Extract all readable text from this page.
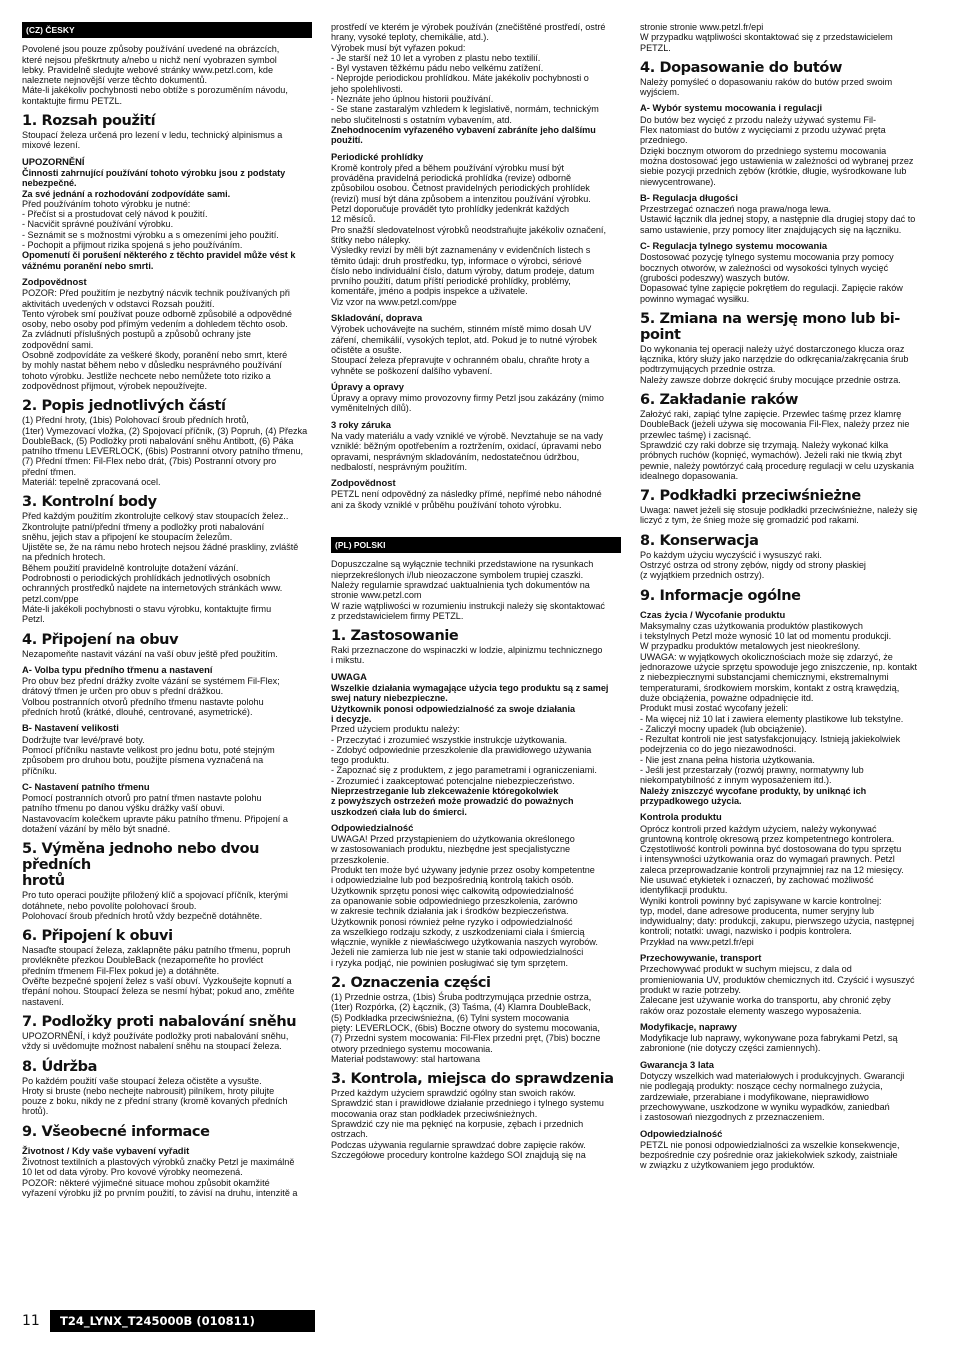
(CZ) ČESKY
Povolené jsou pouze způsoby používání uvedené na obrázcích,
které nejsou přeškrtnuty a/nebo u nichž není vyobrazen symbol
lebky. Pravidelně sledujte webové stránky www.petzl.com, kde
naleznete nejnovější verze těchto dokumentů.
Máte-li jakékoliv pochybnosti nebo obtíže s porozuměním návodu,
kontaktujte firmu PETZL.
1. Rozsah použití
Stoupací železa určená pro lezení v ledu, technický alpinismus a
mixové lezení.
UPOZORNĚNÍ
Činnosti zahrnující používání tohoto výrobku jsou z podstaty
nebezpečné.
Za své jednání a rozhodování zodpovídáte sami.
Před používáním tohoto výrobku je nutné:
- Přečíst si a prostudovat celý návod k použití.
- Nacvičit správné používání výrobku.
- Seznámit se s možnostmi výrobku a s omezeními jeho použití.
- Pochopit a přijmout rizika spojená s jeho používáním.
Opomenutí či porušení některého z těchto pravidel může vést k
vážnému poranění nebo smrti.
Zodpovědnost
POZOR: Před použitím je nezbytný nácvik technik používaných při
aktivitách uvedených v odstavci Rozsah použití.
Tento výrobek smí používat pouze odborně způsobilé a odpovědné
osoby, nebo osoby pod přímým vedením a dohledem těchto osob.
Za zvládnutí příslušných postupů a způsobů ochrany jste
zodpovědní sami.
Osobně zodpovídáte za veškeré škody, poranění nebo smrt, které
by mohly nastat během nebo v důsledku nesprávného používání
tohoto výrobku. Jestliže nechcete nebo nemůžete toto riziko a
zodpovědnost přijmout, výrobek nepoužívejte.
2. Popis jednotlivých částí
(1) Přední hroty, (1bis) Polohovací šroub předních hrotů,
(1ter) Vymezovací vložka, (2) Spojovací příčník, (3) Popruh, (4) Přezka
DoubleBack, (5) Podložky proti nabalování sněhu Antibott, (6) Páka
patního třmenu LEVERLOCK, (6bis) Postranní otvory patního třmenu,
(7) Přední třmen: Fil-Flex nebo drát, (7bis) Postranní otvory pro
přední třmen.
Materiál: tepelně zpracovaná ocel.
3. Kontrolní body
Před každým použitím zkontrolujte celkový stav stoupacích želez..
Zkontrolujte patní/přední třmeny a podložky proti nabalování
sněhu, jejich stav a připojení ke stoupacím železům.
Ujistěte se, že na rámu nebo hrotech nejsou žádné praskliny, zvláště
na předních hrotech.
Během použití pravidelně kontrolujte dotažení vázání.
Podrobnosti o periodických prohlídkách jednotlivých osobních
ochranných prostředků najdete na internetových stránkách www.
petzl.com/ppe
Máte-li jakékoli pochybnosti o stavu výrobku, kontaktujte firmu
Petzl.
4. Připojení na obuv
Nezapomeňte nastavit vázání na vaší obuv ještě před použitím.
A- Volba typu předního třmenu a nastavení
Pro obuv bez přední drážky zvolte vázání se systémem Fil-Flex;
drátový třmen je určen pro obuv s přední drážkou.
Volbou postranních otvorů předního třmenu nastavte polohu
předních hrotů (krátké, dlouhé, centrované, asymetrické).
B- Nastavení velikosti
Dodržujte tvar levé/pravé boty.
Pomocí příčníku nastavte velikost pro jednu botu, poté stejným
způsobem pro druhou botu, použijte písmena vyznačená na
příčníku.
C- Nastavení patního třmenu
Pomocí postranních otvorů pro patní třmen nastavte polohu
patního třmenu po danou výšku drážky vaší obuvi.
Nastavovacím kolečkem upravte páku patního třmenu. Připojení a
dotažení vázání by mělo být snadné.
5. Výměna jednoho nebo dvou předních
hrotů
Pro tuto operaci použijte přiložený klíč a spojovací příčník, kterými
dotáhnete, nebo povolíte polohovací šroub.
Polohovací šroub předních hrotů vždy bezpečně dotáhněte.
6. Připojení k obuvi
Nasaďte stoupací železa, zaklapněte páku patního třmenu, popruh
provlékněte přezkou DoubleBack (nezapomeňte ho provléct
předním třmenem Fil-Flex pokud je) a dotáhněte.
Ověřte bezpečné spojení želez s vaší obuví. Vyzkoušejte kopnutí a
třepání nohou. Stoupací železa se nesmí hýbat; pokud ano, změňte
nastavení.
7. Podložky proti nabalování sněhu
UPOZORNĚNÍ, i když používáte podložky proti nabalování sněhu,
vždy si uvědomujte možnost nabalení sněhu na stoupací železa.
8. Údržba
Po každém použití vaše stoupací železa očistěte a vysušte.
Hroty si bruste (nebo nechejte nabrousit) pilníkem, hroty pilujte
pouze z boku, nikdy ne z přední strany (kromě kovaných předních
hrotů).
9. Všeobecné informace
Životnost / Kdy vaše vybavení vyřadit
Životnost textilních a plastových výrobků značky Petzl je maximálně
10 let od data výroby. Pro kovové výrobky neomezená.
POZOR: některé výjimečné situace mohou způsobit okamžité
vyřazení výrobku již po prvním použití, to závisí na druhu, intenzitě a
prostředí ve kterém je výrobek používán (znečištěné prostředí, ostré
hrany, vysoké teploty, chemikálie, atd.).
Výrobek musí být vyřazen pokud:
- Je starší než 10 let a vyroben z plastu nebo textilií.
- Byl vystaven těžkému pádu nebo velkému zatížení.
- Neprojde periodickou prohlídkou. Máte jakékoliv pochybnosti o
jeho spolehlivosti.
- Neznáte jeho úplnou historii používání.
- Se stane zastaralým vzhledem k legislativě, normám, technickým
nebo slučitelnosti s ostatním vybavením, atd.
Znehodnocením vyřazeného vybavení zabráníte jeho dalšímu
použití.
Periodické prohlídky
Kromě kontroly před a během používání výrobku musí být
prováděna pravidelná periodická prohlídka (revize) odborně
způsobilou osobou. Četnost pravidelných periodických prohlídek
(revizí) musí být dána způsobem a intenzitou používání výrobku.
Petzl doporučuje provádět tyto prohlídky jedenkrát každých
12 měsíců.
Pro snažší sledovatelnost výrobků neodstraňujte jakékoliv označení,
štítky nebo nálepky.
Výsledky revizí by měli být zaznamenány v evidenčních listech s
těmito údaji: druh prostředku, typ, informace o výrobci, sériové
číslo nebo individuální číslo, datum výroby, datum prodeje, datum
prvního použití, datum příští periodické prohlídky, problémy,
komentáře, jméno a podpis inspekce a uživatele.
Viz vzor na www.petzl.com/ppe
Skladování, doprava
Výrobek uchovávejte na suchém, stinném místě mimo dosah UV
záření, chemikálií, vysokých teplot, atd. Pokud je to nutné výrobek
očistěte a osušte.
Stoupací železa přepravujte v ochranném obalu, chraňte hroty a
vyhněte se poškození dalšího vybavení.
Úpravy a opravy
Úpravy a opravy mimo provozovny firmy Petzl jsou zakázány (mimo
vyměnitelných dílů).
3 roky záruka
Na vady materiálu a vady vzniklé ve výrobě. Nevztahuje se na vady
vzniklé: běžným opotřebením a roztržením, oxidací, úpravami nebo
opravami, nesprávným skladováním, nedostatečnou údržbou,
nedbalostí, nesprávným použitím.
Zodpovědnost
PETZL není odpovědný za následky přímé, nepřímé nebo náhodné
ani za škody vzniklé v průběhu používání tohoto výrobku.
(PL) POLSKI
Dopuszczalne są wyłącznie techniki przedstawione na rysunkach
nieprzekreślonych i/lub nieozaczone symbolem trupiej czaszki.
Należy regularnie sprawdzać uaktualnienia tych dokumentów na
stronie www.petzl.com
W razie wątpliwości w rozumieniu instrukcji należy się skontaktować
z przedstawicielem firmy PETZL.
1. Zastosowanie
Raki przeznaczone do wspinaczki w lodzie, alpinizmu technicznego
i mikstu.
UWAGA
Wszelkie działania wymagające użycia tego produktu są z samej
swej natury niebezpieczne.
Użytkownik ponosi odpowiedzialność za swoje działania
i decyzje.
Przed użyciem produktu należy:
- Przeczytać i zrozumieć wszystkie instrukcje użytkowania.
- Zdobyć odpowiednie przeszkolenie dla prawidłowego używania
tego produktu.
- Zapoznać się z produktem, z jego parametrami i ograniczeniami.
- Zrozumieć i zaakceptować potencjalne niebezpieczeństwo.
Nieprzestrzeganie lub zlekceważenie któregokolwiek
z powyższych ostrzeżeń może prowadzić do poważnych
uszkodzeń ciała lub do śmierci.
Odpowiedzialność
UWAGA! Przed przystąpieniem do użytkowania określonego
w zastosowaniach produktu, niezbędne jest specjalistyczne
przeszkolenie.
Produkt ten może być używany jedynie przez osoby kompetentne
i odpowiedzialne lub pod bezpośrednią kontrolą takich osób.
Użytkownik sprzętu ponosi więc całkowitą odpowiedzialność
za opanowanie sobie odpowiedniego przeszkolenia, zarówno
w zakresie technik działania jak i środków bezpieczeństwa.
Użytkownik ponosi również pełne ryzyko i odpowiedzialność
za wszelkiego rodzaju szkody, z uszkodzeniami ciała i śmiercią
włącznie, wynikłe z niewłaściwego użytkowania naszych wyrobów.
Jeżeli nie zamierza lub nie jest w stanie taki odpowiedzialności
i ryzyka podjąć, nie powinien posługiwać się tym sprzętem.
2. Oznaczenia części
(1) Przednie ostrza, (1bis) Śruba podtrzymująca przednie ostrza,
(1ter) Rozpórka, (2) Łącznik, (3) Taśma, (4) Klamra DoubleBack,
(5) Podkładka przeciwśnieżna, (6) Tylni system mocowania
pięty: LEVERLOCK, (6bis) Boczne otwory do systemu mocowania,
(7) Przedni system mocowania: Fil-Flex przedni pręt, (7bis) boczne
otwory przedniego systemu mocowania.
Materiał podstawowy: stal hartowana
3. Kontrola, miejsca do sprawdzenia
Przed każdym użyciem sprawdzić ogólny stan swoich raków.
Sprawdzić stan i prawidłowe działanie przedniego i tylnego systemu
mocowania oraz stan podkładek przeciwśnieżnych.
Sprawdzić czy nie ma pęknięć na korpusie, zębach i przednich
ostrzach.
Podczas używania regularnie sprawdzać dobre zapięcie raków.
Szczegółowe procedury kontrolne każdego SOI znajdują się na
stronie stronie www.petzl.fr/epi
W przypadku wątpliwości skontaktować się z przedstawicielem
PETZL.
4. Dopasowanie do butów
Należy pomyśleć o dopasowaniu raków do butów przed swoim
wyjściem.
A- Wybór systemu mocowania i regulacji
Do butów bez wycięć z przodu należy używać systemu Fil-
Flex natomiast do butów z wycięciami z przodu używać pręta
przedniego.
Dzięki bocznym otworom do przedniego systemu mocowania
można dostosować jego ustawienia w zależności od wybranej przez
siebie pozycji przednich zębów (krótkie, długie, wyśrodkowane lub
niewycentrowane).
B- Regulacja długości
Przestrzegać oznaczeń noga prawa/noga lewa.
Ustawić łącznik dla jednej stopy, a następnie dla drugiej stopy dać to
samo ustawienie, przy pomocy liter znajdujących się na łączniku.
C- Regulacja tylnego systemu mocowania
Dostosować pozycję tylnego systemu mocowania przy pomocy
bocznych otworów, w zależności od wysokości tylnych wycięć
(grubości podeszwy) waszych butów.
Dopasować tylne zapięcie pokrętłem do regulacji. Zapięcie raków
powinno wymagać wysiłku.
5. Zmiana na wersję mono lub bi-point
Do wykonania tej operacji należy użyć dostarczonego klucza oraz
łącznika, który służy jako narzędzie do odkręcania/zakręcania śrub
podtrzymujących przednie ostrza.
Należy zawsze dobrze dokręcić śruby mocujące przednie ostrza.
6. Zakładanie raków
Założyć raki, zapiąć tylne zapięcie. Przewlec taśmę przez klamrę
DoubleBack (jeżeli używa się mocowania Fil-Flex, należy przez nie
przewlec taśmę) i zacisnąć.
Sprawdzić czy raki dobrze się trzymają. Należy wykonać kilka
próbnych ruchów (kopnięć, wymachów). Jeżeli raki nie tkwią zbyt
pewnie, należy powtórzyć całą procedurę regulacji w celu uzyskania
idealnego dopasowania.
7. Podkładki przeciwśnieżne
Uwaga: nawet jeżeli się stosuje podkładki przeciwśnieżne, należy się
liczyć z tym, że śnieg może się gromadzić pod rakami.
8. Konserwacja
Po każdym użyciu wyczyścić i wysuszyć raki.
Ostrzyć ostrza od strony zębów, nigdy od strony płaskiej
(z wyjątkiem przednich ostrzy).
9. Informacje ogólne
Czas życia / Wycofanie produktu
Maksymalny czas użytkowania produktów plastikowych
i tekstylnych Petzl może wynosić 10 lat od momentu produkcji.
W przypadku produktów metalowych jest nieokreślony.
UWAGA: w wyjątkowych okolicznościach może się zdarzyć, że
jednorazowe użycie sprzętu spowoduje jego zniszczenie, np. kontakt
z niebezpiecznymi substancjami chemicznymi, ekstremalnymi
temperaturami, środkowiem morskim, kontakt z ostrą krawędzią,
duże obciążenia, poważne odpadnięcie itd.
Produkt musi zostać wycofany jeżeli:
- Ma więcej niż 10 lat i zawiera elementy plastikowe lub tekstylne.
- Zaliczył mocny upadek (lub obciążenie).
- Rezultat kontroli nie jest satysfakcjonujący. Istnieją jakiekolwiek
podejrzenia co do jego niezawodności.
- Nie jest znana pełna historia użytkowania.
- Jeśli jest przestarzały (rozwój prawny, normatywny lub
niekompatybilność z innym wyposażeniem itd.).
Należy zniszczyć wycofane produkty, by uniknąć ich
przypadkowego użycia.
Kontrola produktu
Oprócz kontroli przed każdym użyciem, należy wykonywać
gruntowną kontrolę okresową przez kompetentnego kontrolera.
Częstotliwość kontroli powinna być dostosowana do typu sprzętu
i intensywności użytkowania oraz do wymagań prawnych. Petzl
zaleca przeprowadzanie kontroli przynajmniej raz na 12 miesięcy.
Nie usuwać etykietek i oznaczeń, by zachować możliwość
identyfikacji produktu.
Wyniki kontroli powinny być zapisywane w karcie kontrolnej:
typ, model, dane adresowe producenta, numer seryjny lub
indywidualny; daty: produkcji, zakupu, pierwszego użycia, następnej
kontroli; notatki: uwagi, nazwisko i podpis kontrolera.
Przykład na www.petzl.fr/epi
Przechowywanie, transport
Przechowywać produkt w suchym miejscu, z dala od
promieniowania UV, produktów chemicznych itd. Czyścić i wysuszyć
produkt w razie potrzeby.
Zalecane jest używanie worka do transportu, aby chronić zęby
raków oraz pozostałe elementy waszego wyposażenia.
Modyfikacje, naprawy
Modyfikacje lub naprawy, wykonywane poza fabrykami Petzl, są
zabronione (nie dotyczy części zamiennych).
Gwarancja 3 lata
Dotyczy wszelkich wad materiałowych i produkcyjnych. Gwarancji
nie podlegają produkty: noszące cechy normalnego zużycia,
zardzewiałe, przerabiane i modyfikowane, nieprawidłowo
przechowywane, uszkodzone w wyniku wypadków, zaniedbań
i zastosowań niezgodnych z przeznaczeniem.
Odpowiedzialność
PETZL nie ponosi odpowiedzialności za wszelkie konsekwencje,
bezpośrednie czy pośrednie oraz jakiekolwiek szkody, zaistniałe
w związku z użytkowaniem jego produktów.
11	T24_LYNX_T245000B (010811)
